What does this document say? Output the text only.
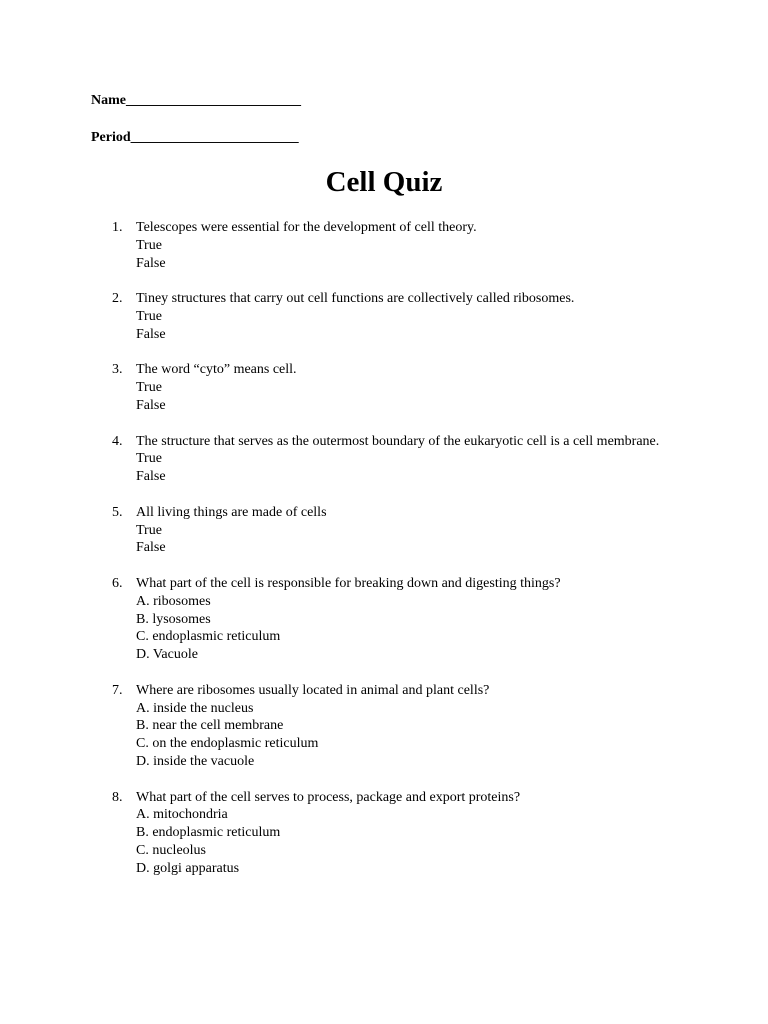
Name_________________________
Period________________________
Cell Quiz
1. Telescopes were essential for the development of cell theory.
True
False
2. Tiney structures that carry out cell functions are collectively called ribosomes.
True
False
3. The word “cyto” means cell.
True
False
4. The structure that serves as the outermost boundary of the eukaryotic cell is a cell membrane.
True
False
5. All living things are made of cells
True
False
6. What part of the cell is responsible for breaking down and digesting things?
A. ribosomes
B. lysosomes
C. endoplasmic reticulum
D. Vacuole
7. Where are ribosomes usually located in animal and plant cells?
A. inside the nucleus
B. near the cell membrane
C. on the endoplasmic reticulum
D. inside the vacuole
8. What part of the cell serves to process, package and export proteins?
A. mitochondria
B. endoplasmic reticulum
C. nucleolus
D. golgi apparatus
